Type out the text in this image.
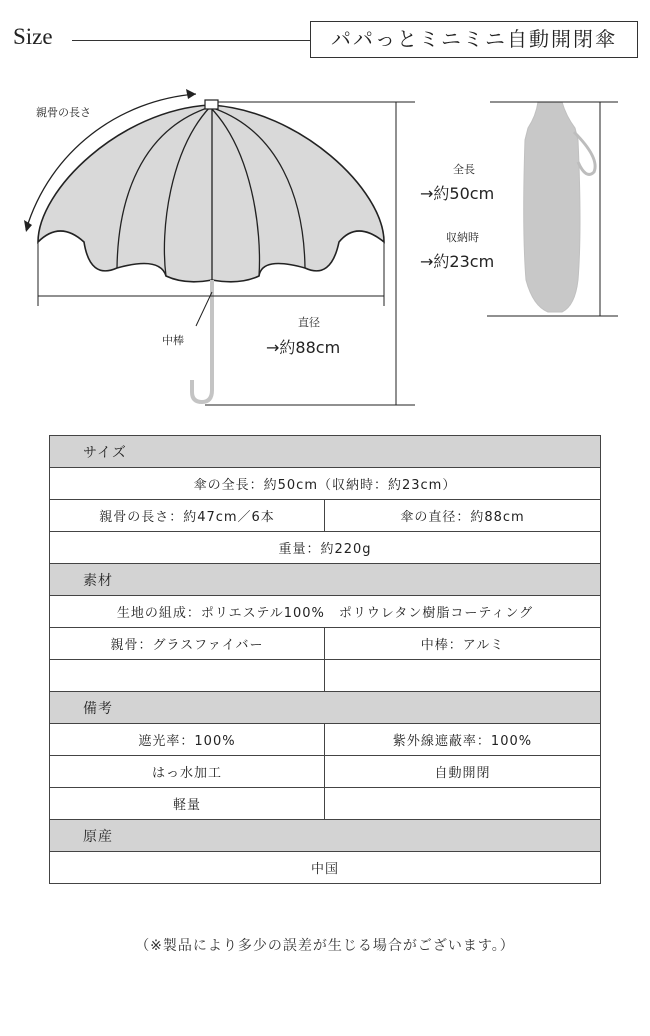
Size	パパっとミニミニ自動開閉傘
親骨の長さ
中棒
直径
→約88cm
全長
→約50cm
収納時
→約23cm
サイズ	
傘の全長：約50cm（収納時：約23cm）	
親骨の長さ：約47cm／6本	傘の直径：約88cm
重量：約220g	
素材	
生地の組成：ポリエステル100%　ポリウレタン樹脂コーティング	
親骨：グラスファイバー	中棒：アルミ

備考	
遮光率：100%	紫外線遮蔽率：100%
はっ水加工	自動開閉
軽量	
原産	
中国	
（※製品により多少の誤差が生じる場合がございます。）
